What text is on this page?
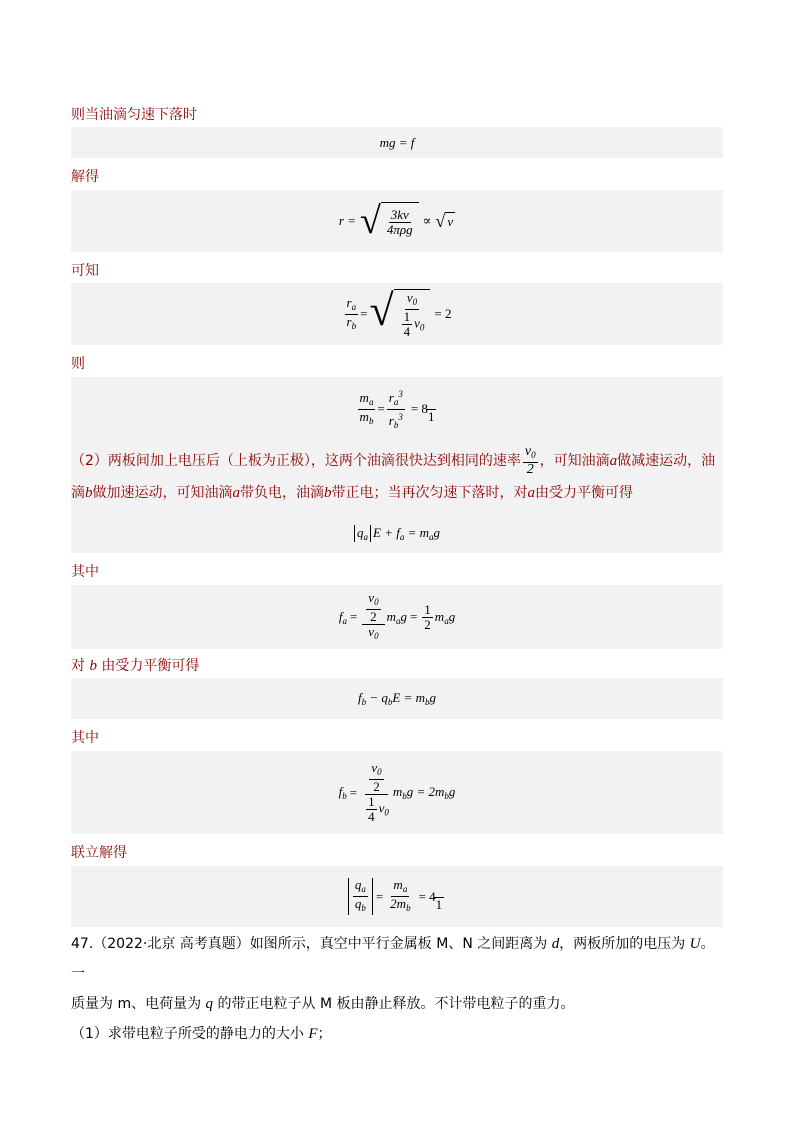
则当油滴匀速下落时
mg = f
解得
r = √ $\frac{3kv}{\text{4πρg}}$ ∝ √ v
可知
$\frac{r_a}{r_b}$ = √ $\frac{v_0}{\frac{1}{4} v_0} = 2$
则
$\frac{m_a}{m_b} = \frac{r_a^3}{r_b^3} = 8$
1
（2）两板间加上电压后（上板为正极），这两个油滴很快达到相同的速率 $\frac{v_0}{2}$ ，可知油滴a做减速运动，油
滴b做加速运动，可知油滴a带负电，油滴b带正电；当再次匀速下落时，对a由受力平衡可得
$q_a$ $E + f_a = m_ag$
其中
$f_a = \frac{\frac{v_0}{2}}{v_0} m_ag = \frac{1}{2} m_ag$
对 b 由受力平衡可得
$f_b - q_bE = m_bg$
其中
$f_b = \frac{\frac{v_0}{2}}{\frac{1}{4} v_0} m_bg = 2m_bg$
联立解得
$\frac{q_a}{q_b} = \frac{m_a}{2m_b} = 4$
1
47.（2022·北京 高考真题）如图所示，真空中平行金属板 M、N 之间距离为 d，两板所加的电压为 U。一
质量为 m、电荷量为 q 的带正电粒子从 M 板由静止释放。不计带电粒子的重力。
（1）求带电粒子所受的静电力的大小 F；
